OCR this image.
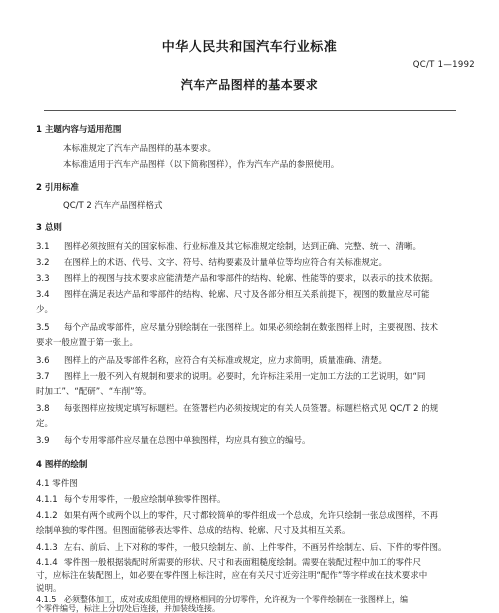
中华人民共和国汽车行业标准
QC/T 1—1992
汽车产品图样的基本要求
1 主题内容与适用范围
本标准规定了汽车产品图样的基本要求。
本标准适用于汽车产品图样（以下简称图样），作为汽车产品的参照使用。
2 引用标准
QC/T 2 汽车产品图样格式
3 总则
3.1 图样必须按照有关的国家标准、行业标准及其它标准规定绘制，达到正确、完整、统一、清晰。
3.2 在图样上的术语、代号、文字、符号、结构要素及计量单位等均应符合有关标准规定。
3.3 图样上的视图与技术要求应能清楚产品和零部件的结构、轮廓、性能等的要求，以表示的技术依据。
3.4 图样在满足表达产品和零部件的结构、轮廓、尺寸及各部分相互关系前提下，视图的数量应尽可能
少。
3.5 每个产品或零部件，应尽量分别绘制在一张图样上。如果必须绘制在数张图样上时，主要视图、技术
要求一般应置于第一张上。
3.6 图样上的产品及零部件名称，应符合有关标准或规定，应力求简明，质量准确、清楚。
3.7 图样上一般不列入有规制和要求的说明。必要时，允许标注采用一定加工方法的工艺说明，如“同
时加工”、“配研”、“车削”等。
3.8 每张图样应按规定填写标题栏。在签署栏内必须按规定的有关人员签署。标题栏格式见 QC/T 2 的规
定。
3.9 每个专用零部件应尽量在总图中单独图样，均应具有独立的编号。
4 图样的绘制
4.1 零件图
4.1.1 每个专用零件，一般应绘制单独零件图样。
4.1.2 如果有两个或两个以上的零件，尺寸都较简单的零件组成一个总成，允许只绘制一张总成图样，不再
绘制单独的零件图。但图面能够表达零件、总成的结构、轮廓、尺寸及其相互关系。
4.1.3 左右、前后、上下对称的零件，一般只绘制左、前、上件零件，不画另件绘制左、后、下件的零件图。
4.1.4 零件图一般根据装配时所需要的形状、尺寸和表面粗糙度绘制。需要在装配过程中加工的零件尺
寸，应标注在装配图上，如必要在零件图上标注时，应在有关尺寸近旁注明“配作”等字样或在技术要求中
说明。
4.1.5 必须整体加工，成对或成组使用的规格相同的分切零件，允许视为一个零件绘制在一张图样上，编
个零件编号，标注上分切处后连接，并加装线连接。
